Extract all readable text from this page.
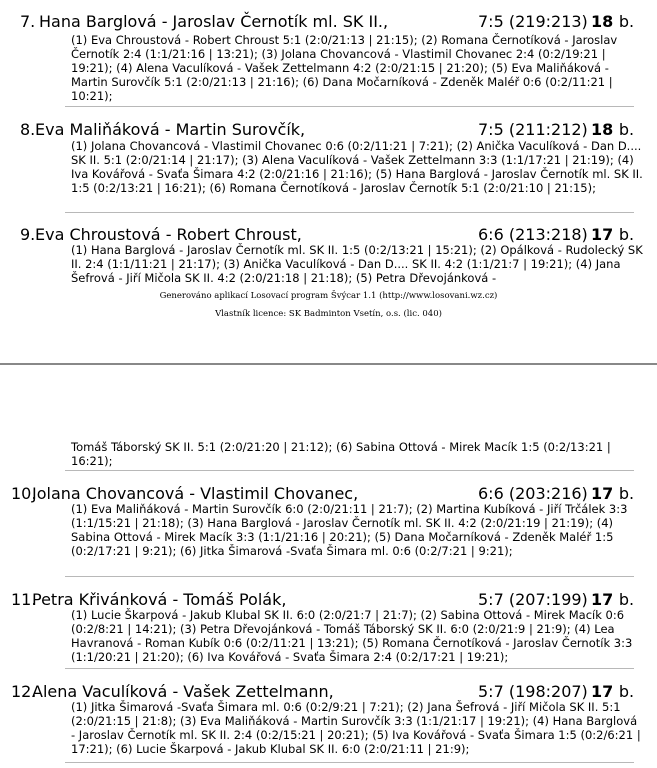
7. Hana Barglová - Jaroslav Černotík ml. SK II.,	7:5 (219:213) 18 b.
(1) Eva Chroustová - Robert Chroust 5:1 (2:0/21:13 | 21:15); (2) Romana Černotíková - Jaroslav Černotík 2:4 (1:1/21:16 | 13:21); (3) Jolana Chovancová - Vlastimil Chovanec 2:4 (0:2/19:21 | 19:21); (4) Alena Vaculíková - Vašek Zettelmann 4:2 (2:0/21:15 | 21:20); (5) Eva Maliňáková - Martin Surovčík 5:1 (2:0/21:13 | 21:16); (6) Dana Močarníková - Zdeněk Maléř 0:6 (0:2/11:21 | 10:21);
8. Eva Maliňáková - Martin Surovčík,	7:5 (211:212) 18 b.
(1) Jolana Chovancová - Vlastimil Chovanec 0:6 (0:2/11:21 | 7:21); (2) Anička Vaculíková - Dan D.... SK II. 5:1 (2:0/21:14 | 21:17); (3) Alena Vaculíková - Vašek Zettelmann 3:3 (1:1/17:21 | 21:19); (4) Iva Kovářová - Svaťa Šimara 4:2 (2:0/21:16 | 21:16); (5) Hana Barglová - Jaroslav Černotík ml. SK II. 1:5 (0:2/13:21 | 16:21); (6) Romana Černotíková - Jaroslav Černotík 5:1 (2:0/21:10 | 21:15);
9. Eva Chroustová - Robert Chroust,	6:6 (213:218) 17 b.
(1) Hana Barglová - Jaroslav Černotík ml. SK II. 1:5 (0:2/13:21 | 15:21); (2) Opálková - Rudolecký SK II. 2:4 (1:1/11:21 | 21:17); (3) Anička Vaculíková - Dan D.... SK II. 4:2 (1:1/21:7 | 19:21); (4) Jana Šefrová - Jiří Mičola SK II. 4:2 (2:0/21:18 | 21:18); (5) Petra Dřevojánková -
Generováno aplikací Losovací program Švýcar 1.1 (http://www.losovani.wz.cz)
Vlastník licence: SK Badminton Vsetín, o.s. (lic. 040)
Tomáš Táborský SK II. 5:1 (2:0/21:20 | 21:12); (6) Sabina Ottová - Mirek Macík 1:5 (0:2/13:21 | 16:21);
10.
Jolana Chovancová - Vlastimil Chovanec,	6:6 (203:216) 17 b.
(1) Eva Maliňáková - Martin Surovčík 6:0 (2:0/21:11 | 21:7); (2) Martina Kubíková - Jiří Trčálek 3:3 (1:1/15:21 | 21:18); (3) Hana Barglová - Jaroslav Černotík ml. SK II. 4:2 (2:0/21:19 | 21:19); (4) Sabina Ottová - Mirek Macík 3:3 (1:1/21:16 | 20:21); (5) Dana Močarníková - Zdeněk Maléř 1:5 (0:2/17:21 | 9:21); (6) Jitka Šimarová -Svaťa Šimara ml. 0:6 (0:2/7:21 | 9:21);
11.
Petra Křivánková - Tomáš Polák,	5:7 (207:199) 17 b.
(1) Lucie Škarpová - Jakub Klubal SK II. 6:0 (2:0/21:7 | 21:7); (2) Sabina Ottová - Mirek Macík 0:6 (0:2/8:21 | 14:21); (3) Petra Dřevojánková - Tomáš Táborský SK II. 6:0 (2:0/21:9 | 21:9); (4) Lea Havranová - Roman Kubík 0:6 (0:2/11:21 | 13:21); (5) Romana Černotíková - Jaroslav Černotík 3:3 (1:1/20:21 | 21:20); (6) Iva Kovářová - Svaťa Šimara 2:4 (0:2/17:21 | 19:21);
12.
Alena Vaculíková - Vašek Zettelmann,	5:7 (198:207) 17 b.
(1) Jitka Šimarová -Svaťa Šimara ml. 0:6 (0:2/9:21 | 7:21); (2) Jana Šefrová - Jiří Mičola SK II. 5:1 (2:0/21:15 | 21:8); (3) Eva Maliňáková - Martin Surovčík 3:3 (1:1/21:17 | 19:21); (4) Hana Barglová - Jaroslav Černotík ml. SK II. 2:4 (0:2/15:21 | 20:21); (5) Iva Kovářová - Svaťa Šimara 1:5 (0:2/6:21 | 17:21); (6) Lucie Škarpová - Jakub Klubal SK II. 6:0 (2:0/21:11 | 21:9);
